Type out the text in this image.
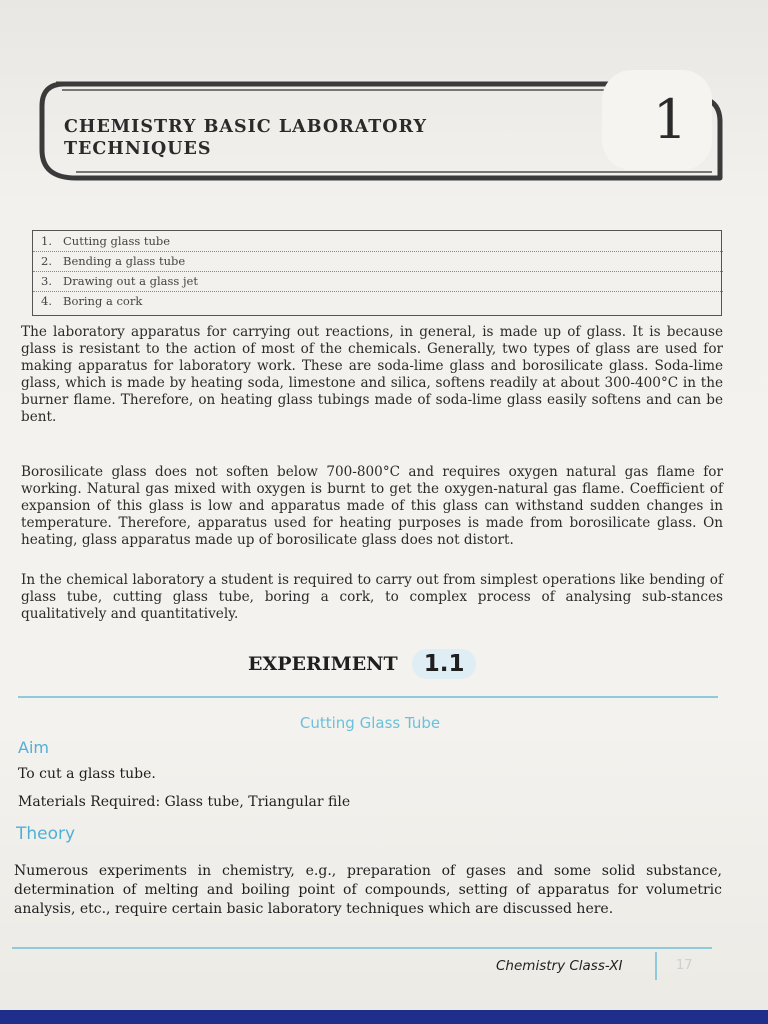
CHEMISTRY BASIC LABORATORY TECHNIQUES	1
1. Cutting glass tube
2. Bending a glass tube
3. Drawing out a glass jet
4. Boring a cork

The laboratory apparatus for carrying out reactions, in general, is made up of glass. It is because glass is resistant to the action of most of the chemicals. Generally, two types of glass are used for making apparatus for laboratory work. These are soda-lime glass and borosilicate glass. Soda-lime glass, which is made by heating soda, limestone and silica, softens readily at about 300-400°C in the burner flame. Therefore, on heating glass tubings made of soda-lime glass easily softens and can be bent.

Borosilicate glass does not soften below 700-800°C and requires oxygen natural gas flame for working. Natural gas mixed with oxygen is burnt to get the oxygen-natural gas flame. Coefficient of expansion of this glass is low and apparatus made of this glass can withstand sudden changes in temperature. Therefore, apparatus used for heating purposes is made from borosilicate glass. On heating, glass apparatus made up of borosilicate glass does not distort.

In the chemical laboratory a student is required to carry out from simplest operations like bending of glass tube, cutting glass tube, boring a cork, to complex process of analysing sub-stances qualitatively and quantitatively.

EXPERIMENT	1.1
Cutting Glass Tube
Aim
To cut a glass tube.
Materials Required: Glass tube, Triangular file
Theory

Numerous experiments in chemistry, e.g., preparation of gases and some solid substance, determination of melting and boiling point of compounds, setting of apparatus for volumetric analysis, etc., require certain basic laboratory techniques which are discussed here.

Chemistry Class-XI	17
